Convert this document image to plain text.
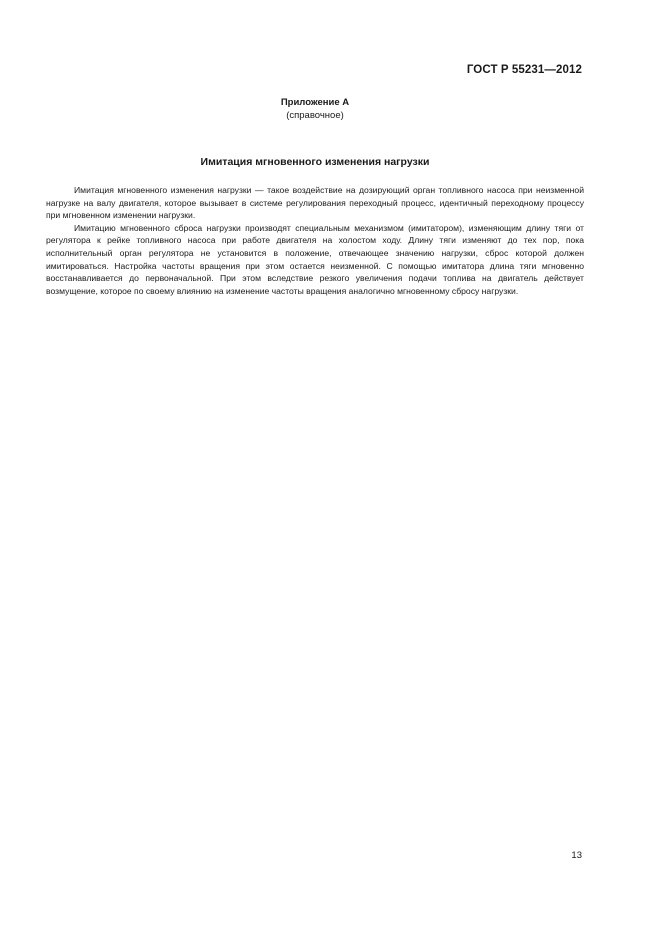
ГОСТ Р 55231—2012
Приложение А
(справочное)
Имитация мгновенного изменения нагрузки

Имитация мгновенного изменения нагрузки — такое воздействие на дозирующий орган топливного насоса при неизменной нагрузке на валу двигателя, которое вызывает в системе регулирования переходный процесс, идентичный переходному процессу при мгновенном изменении нагрузки.

Имитацию мгновенного сброса нагрузки производят специальным механизмом (имитатором), изменяющим длину тяги от регулятора к рейке топливного насоса при работе двигателя на холостом ходу. Длину тяги изменяют до тех пор, пока исполнительный орган регулятора не установится в положение, отвечающее значению нагрузки, сброс которой должен имитироваться. Настройка частоты вращения при этом остается неизменной. С помощью имитатора длина тяги мгновенно восстанавливается до первоначальной. При этом вследствие резкого увеличения подачи топлива на двигатель действует возмущение, которое по своему влиянию на изменение частоты вращения аналогично мгновенному сбросу нагрузки.

13
